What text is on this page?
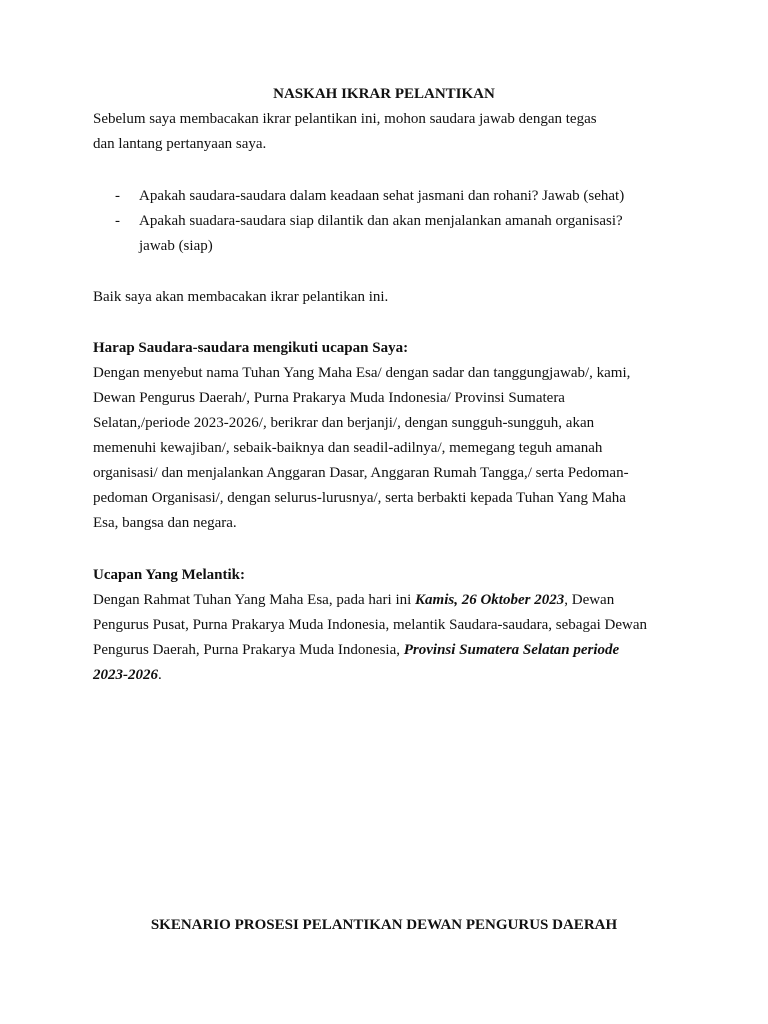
NASKAH IKRAR PELANTIKAN
Sebelum saya membacakan ikrar pelantikan ini, mohon saudara jawab dengan tegas
dan lantang pertanyaan saya.
-	Apakah saudara-saudara dalam keadaan sehat jasmani dan rohani? Jawab (sehat)
-	Apakah suadara-saudara siap dilantik dan akan menjalankan amanah organisasi?
jawab (siap)
Baik saya akan membacakan ikrar pelantikan ini.
Harap Saudara-saudara mengikuti ucapan Saya:
Dengan menyebut nama Tuhan Yang Maha Esa/ dengan sadar dan tanggungjawab/, kami,
Dewan Pengurus Daerah/, Purna Prakarya Muda Indonesia/ Provinsi Sumatera
Selatan,/periode 2023-2026/, berikrar dan berjanji/, dengan sungguh-sungguh, akan
memenuhi kewajiban/, sebaik-baiknya dan seadil-adilnya/, memegang teguh amanah
organisasi/ dan menjalankan Anggaran Dasar, Anggaran Rumah Tangga,/ serta Pedoman-
pedoman Organisasi/, dengan selurus-lurusnya/, serta berbakti kepada Tuhan Yang Maha
Esa, bangsa dan negara.
Ucapan Yang Melantik:
Dengan Rahmat Tuhan Yang Maha Esa, pada hari ini Kamis, 26 Oktober 2023, Dewan
Pengurus Pusat, Purna Prakarya Muda Indonesia, melantik Saudara-saudara, sebagai Dewan
Pengurus Daerah, Purna Prakarya Muda Indonesia, Provinsi Sumatera Selatan periode
2023-2026.
SKENARIO PROSESI PELANTIKAN DEWAN PENGURUS DAERAH
